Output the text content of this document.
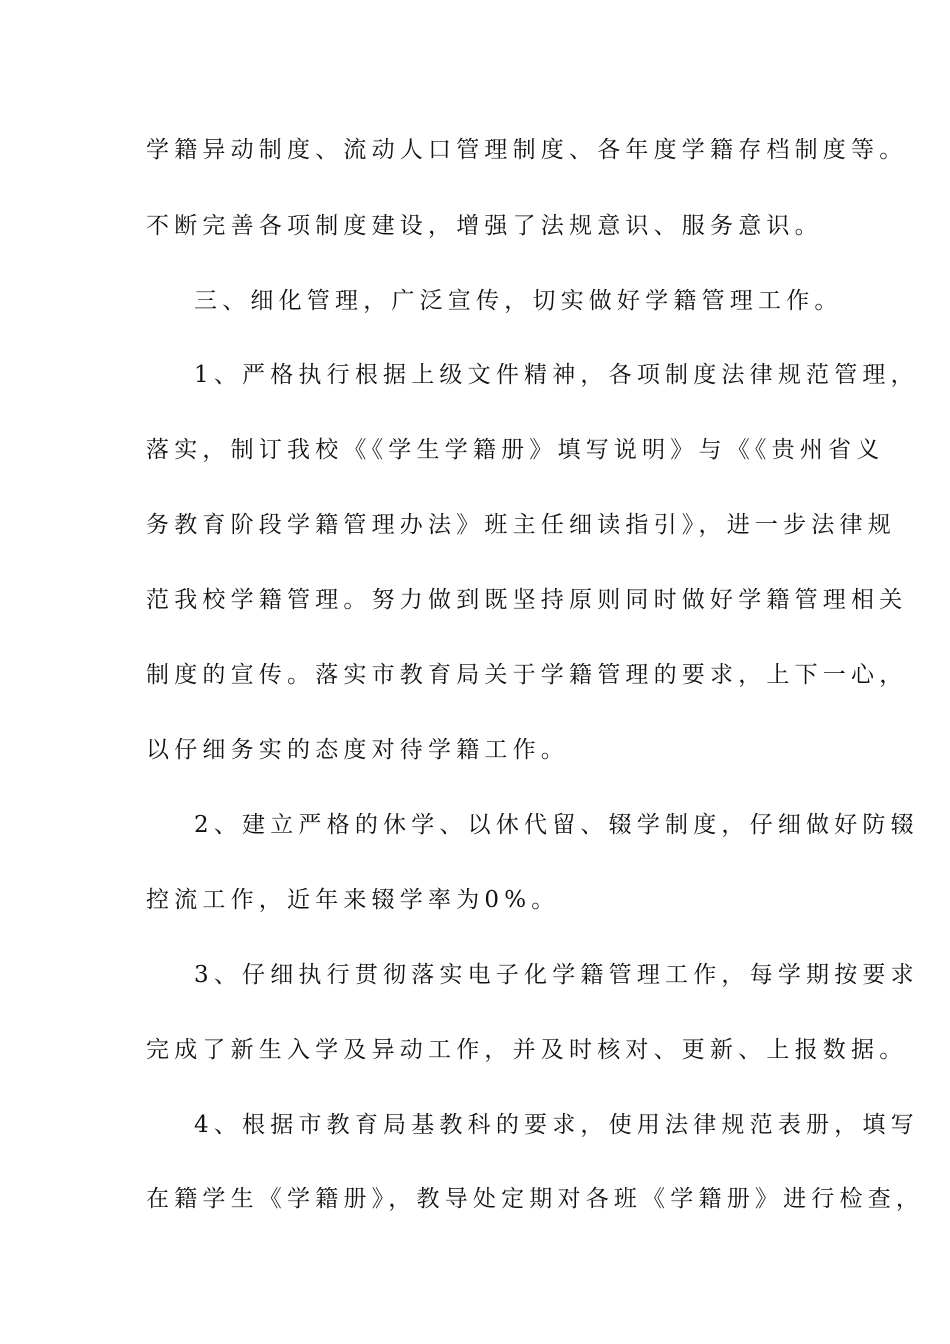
学籍异动制度、流动人口管理制度、各年度学籍存档制度等。
不断完善各项制度建设，增强了法规意识、服务意识。
三、细化管理，广泛宣传，切实做好学籍管理工作。
1、严格执行根据上级文件精神，各项制度法律规范管理，
落实，制订我校《《学生学籍册》填写说明》与《《贵州省义
务教育阶段学籍管理办法》班主任细读指引》，进一步法律规
范我校学籍管理。努力做到既坚持原则同时做好学籍管理相关
制度的宣传。落实市教育局关于学籍管理的要求，上下一心，
以仔细务实的态度对待学籍工作。
2、建立严格的休学、以休代留、辍学制度，仔细做好防辍
控流工作，近年来辍学率为0%。
3、仔细执行贯彻落实电子化学籍管理工作，每学期按要求
完成了新生入学及异动工作，并及时核对、更新、上报数据。
4、根据市教育局基教科的要求，使用法律规范表册，填写
在籍学生《学籍册》，教导处定期对各班《学籍册》进行检查，
